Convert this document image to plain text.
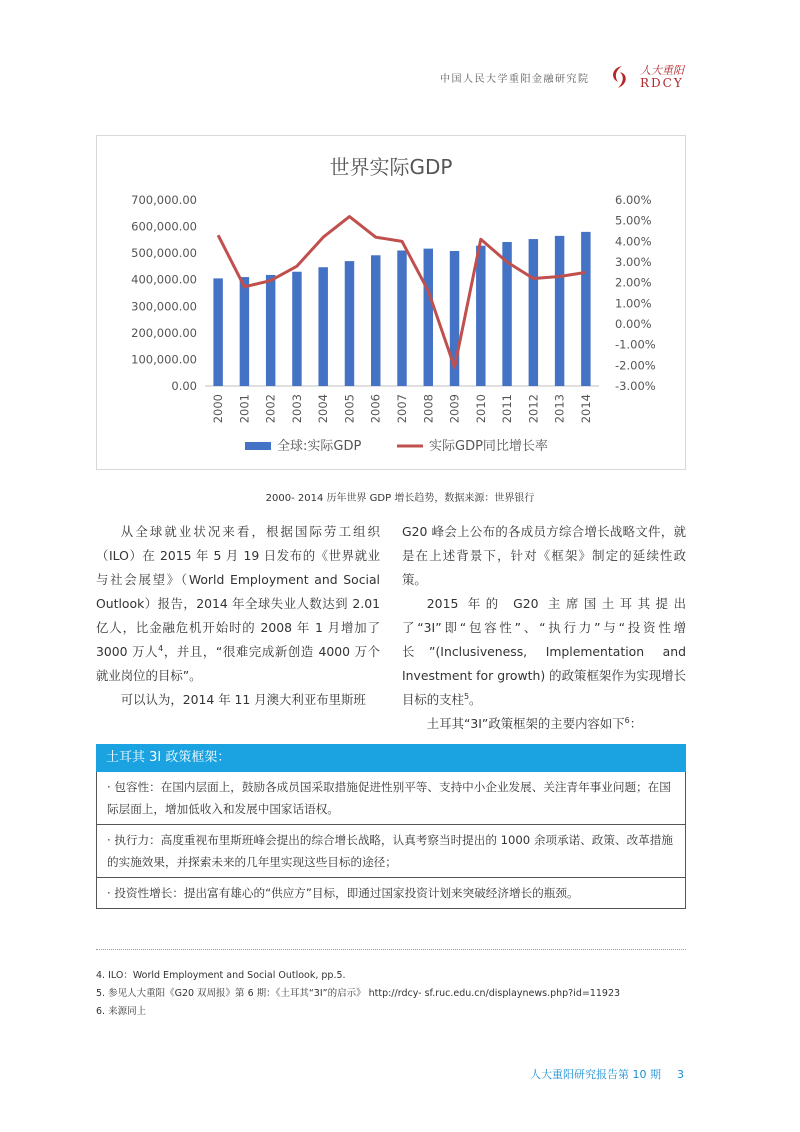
中国人民大学重阳金融研究院
人大重阳
RDCY
世界实际GDP
0.00
100,000.00
200,000.00
300,000.00
400,000.00
500,000.00
600,000.00
700,000.00
-3.00%
-2.00%
-1.00%
0.00%
1.00%
2.00%
3.00%
4.00%
5.00%
6.00%
2000 2001 2002 2003 2004 2005 2006 2007 2008 2009 2010 2011 2012 2013 2014
全球:实际GDP	实际GDP同比增长率
2000- 2014 历年世界 GDP 增长趋势，数据来源：世界银行

从全球就业状况来看，根据国际劳工组织（ILO）在 2015 年 5 月 19 日发布的《世界就业与社会展望》（World Employment and Social Outlook）报告，2014 年全球失业人数达到 2.01 亿人，比金融危机开始时的 2008 年 1 月增加了 3000 万人$^4$，并且，“很难完成新创造 4000 万个就业岗位的目标”。

可以认为，2014 年 11 月澳大利亚布里斯班

G20 峰会上公布的各成员方综合增长战略文件，就是在上述背景下，针对《框架》制定的延续性政策。

2015 年的 G20 主席国土耳其提出了“3I”即“包容性”、“执行力”与“投资性增长”(Inclusiveness, Implementation and Investment for growth) 的政策框架作为实现增长目标的支柱$^5$。

土耳其“3I”政策框架的主要内容如下$^6$：

土耳其 3I 政策框架：
· 包容性：在国内层面上，鼓励各成员国采取措施促进性别平等、支持中小企业发展、关注青年事业问题；在国际层面上，增加低收入和发展中国家话语权。
· 执行力：高度重视布里斯班峰会提出的综合增长战略，认真考察当时提出的 1000 余项承诺、政策、改革措施的实施效果，并探索未来的几年里实现这些目标的途径；
· 投资性增长：提出富有雄心的“供应方”目标，即通过国家投资计划来突破经济增长的瓶颈。
4. ILO：World Employment and Social Outlook, pp.5.
5. 参见人大重阳《G20 双周报》第 6 期：《土耳其“3I”的启示》 http://rdcy- sf.ruc.edu.cn/displaynews.php?id=11923
6. 来源同上
人大重阳研究报告第 10 期 3
